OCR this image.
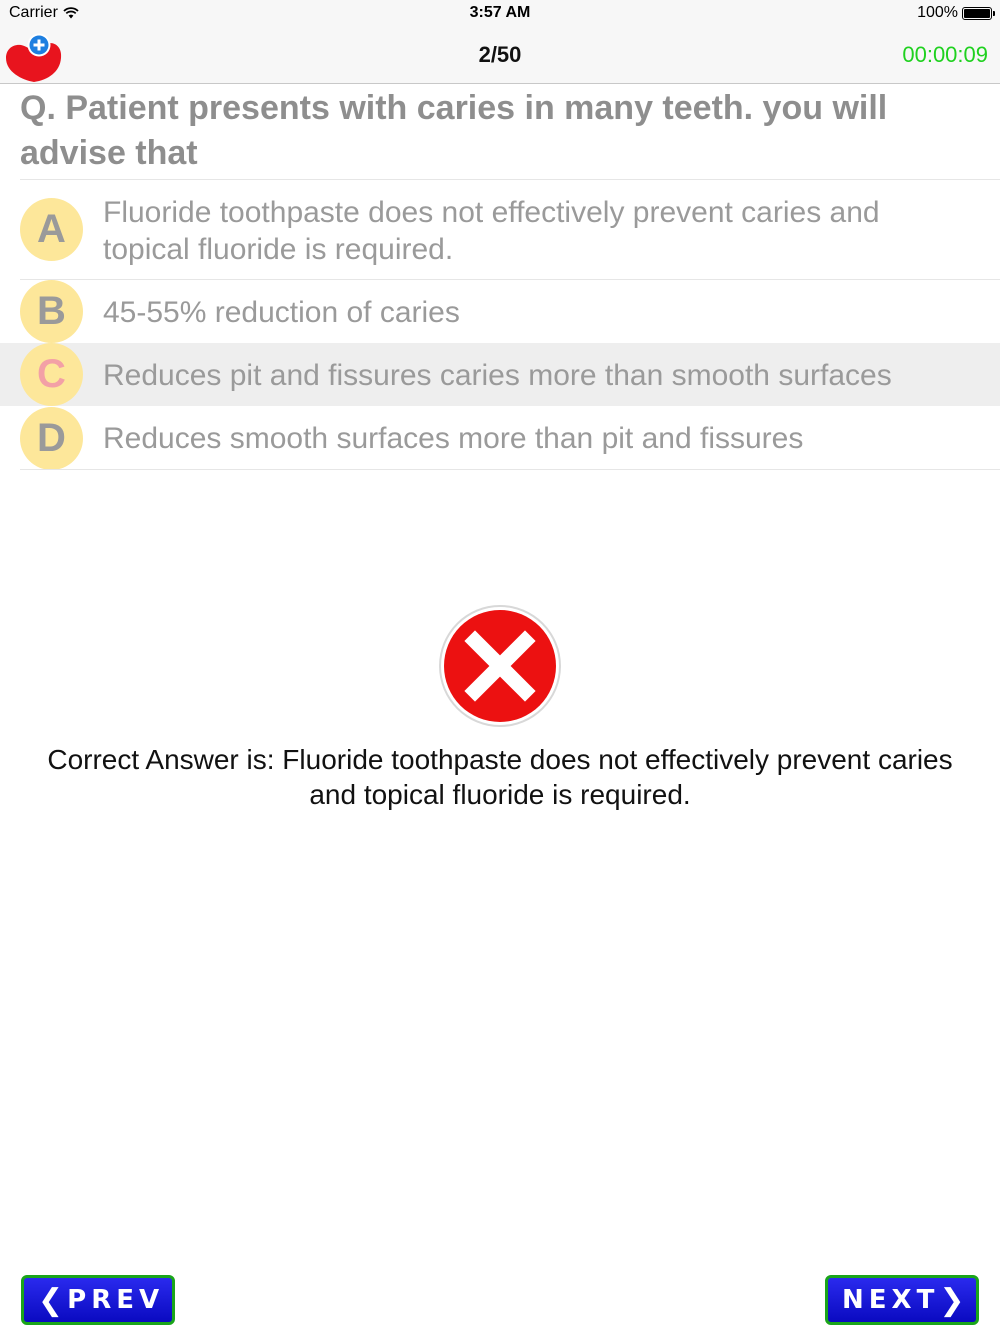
Carrier	3:57 AM	100%
2/50	00:00:09
Q. Patient presents with caries in many teeth. you will advise that
A	Fluoride toothpaste does not effectively prevent caries and topical fluoride is required.
B	45-55% reduction of caries
C	Reduces pit and fissures caries more than smooth surfaces
D	Reduces smooth surfaces more than pit and fissures
Correct Answer is: Fluoride toothpaste does not effectively prevent caries and topical fluoride is required.
❮ PREV	NEXT ❯
